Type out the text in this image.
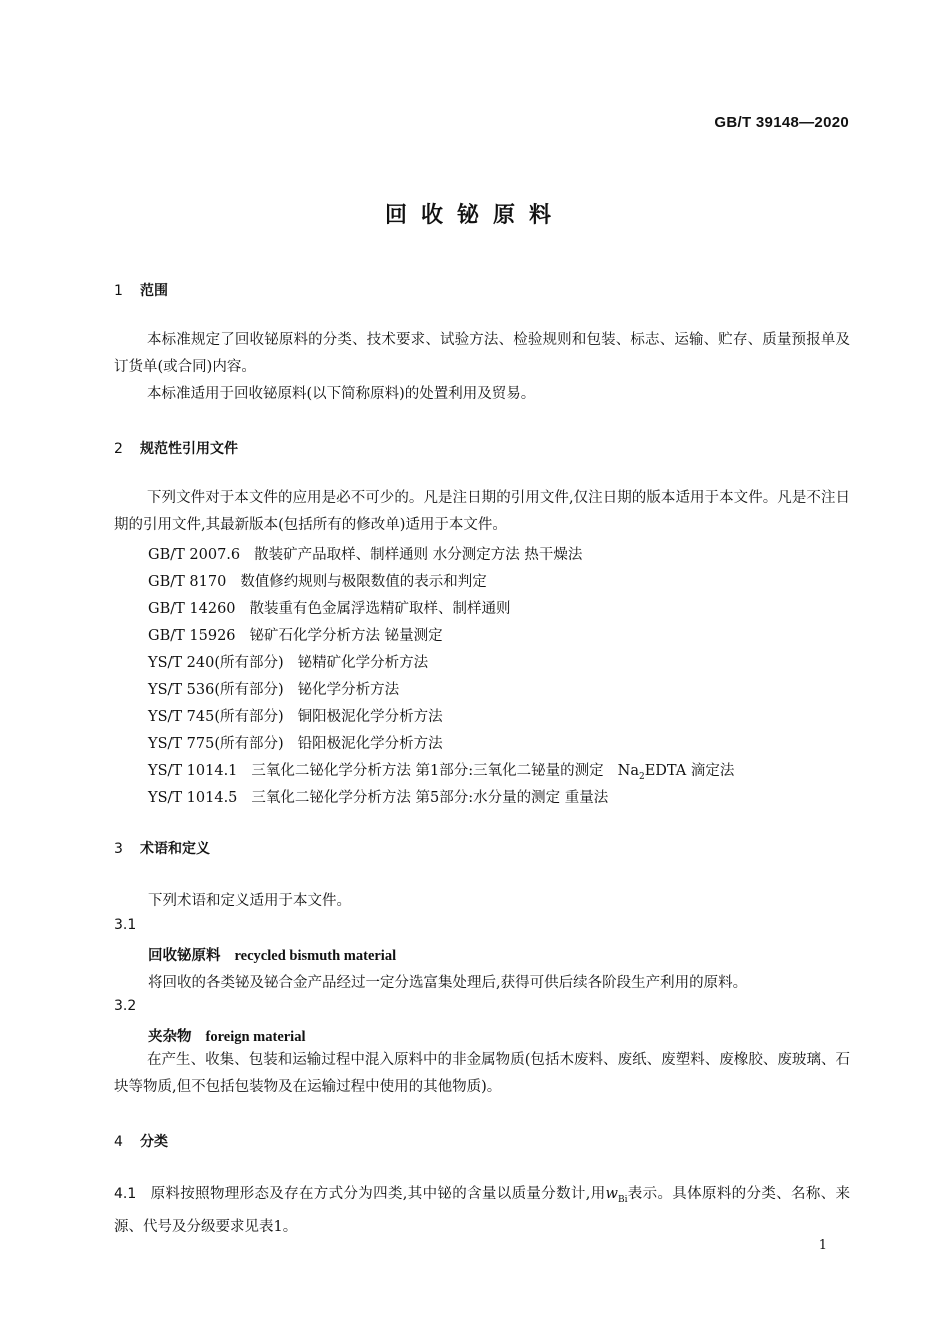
GB/T 39148—2020
回收铋原料
1 范围
本标准规定了回收铋原料的分类、技术要求、试验方法、检验规则和包装、标志、运输、贮存、质量预报单及订货单(或合同)内容。
本标准适用于回收铋原料(以下简称原料)的处置利用及贸易。
2 规范性引用文件
下列文件对于本文件的应用是必不可少的。凡是注日期的引用文件,仅注日期的版本适用于本文件。凡是不注日期的引用文件,其最新版本(包括所有的修改单)适用于本文件。
GB/T 2007.6 散装矿产品取样、制样通则 水分测定方法 热干燥法
GB/T 8170 数值修约规则与极限数值的表示和判定
GB/T 14260 散装重有色金属浮选精矿取样、制样通则
GB/T 15926 铋矿石化学分析方法 铋量测定
YS/T 240(所有部分) 铋精矿化学分析方法
YS/T 536(所有部分) 铋化学分析方法
YS/T 745(所有部分) 铜阳极泥化学分析方法
YS/T 775(所有部分) 铅阳极泥化学分析方法
YS/T 1014.1 三氧化二铋化学分析方法 第1部分:三氧化二铋量的测定 $Na_2EDTA$ 滴定法
YS/T 1014.5 三氧化二铋化学分析方法 第5部分:水分量的测定 重量法
3 术语和定义
下列术语和定义适用于本文件。
3.1
回收铋原料 recycled bismuth material
将回收的各类铋及铋合金产品经过一定分选富集处理后,获得可供后续各阶段生产利用的原料。
3.2
夹杂物 foreign material
在产生、收集、包装和运输过程中混入原料中的非金属物质(包括木废料、废纸、废塑料、废橡胶、废玻璃、石块等物质,但不包括包装物及在运输过程中使用的其他物质)。
4 分类
4.1 原料按照物理形态及存在方式分为四类,其中铋的含量以质量分数计,用$w_{Bi}$表示。具体原料的分类、名称、来源、代号及分级要求见表1。
1
